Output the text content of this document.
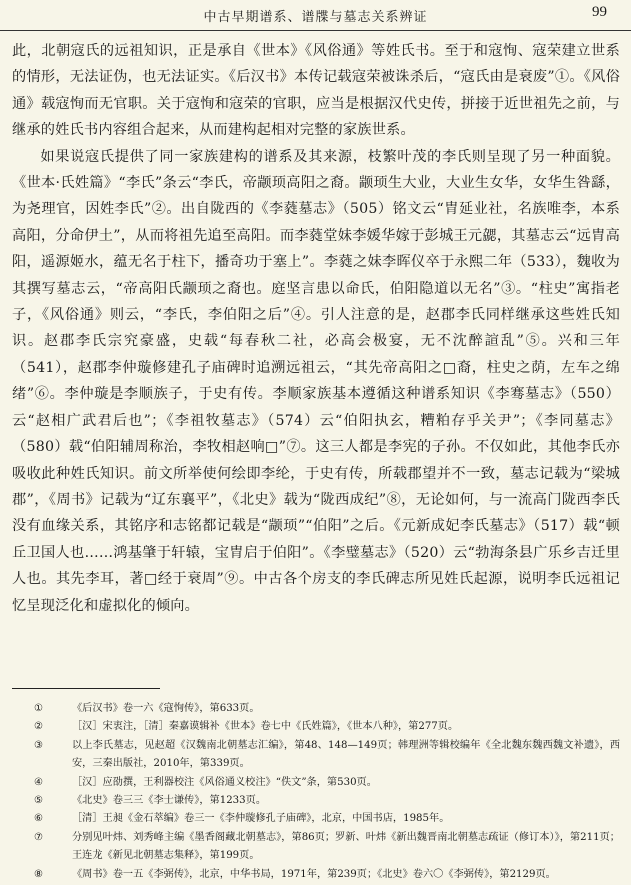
中古早期谱系、谱牒与墓志关系辨证	99

此，北朝寇氏的远祖知识，正是承自《世本》《风俗通》等姓氏书。至于和寇恂、寇荣建立世系的情形，无法证伪，也无法证实。《后汉书》本传记载寇荣被诛杀后，“寇氏由是衰废”①。《风俗通》载寇恂而无官职。关于寇恂和寇荣的官职，应当是根据汉代史传，拼接于近世祖先之前，与继承的姓氏书内容组合起来，从而建构起相对完整的家族世系。

如果说寇氏提供了同一家族建构的谱系及其来源，枝繁叶茂的李氏则呈现了另一种面貌。《世本·氏姓篇》“李氏”条云“李氏，帝颛顼高阳之裔。颛顼生大业，大业生女华，女华生咎繇，为尧理官，因姓李氏”②。出自陇西的《李蕤墓志》（505）铭文云“胄延业社，名族唯李，本系高阳，分命伊土”，从而将祖先追至高阳。而李蕤堂妹李媛华嫁于彭城王元勰，其墓志云“远胄高阳，遥源姬水，蕴无名于柱下，播奇功于塞上”。李蕤之妹李晖仪卒于永熙二年（533），魏收为其撰写墓志云，“帝高阳氏颛顼之裔也。庭坚言患以命氏，伯阳隐道以无名”③。“柱史”寓指老子，《风俗通》则云，“李氏，李伯阳之后”④。引人注意的是，赵郡李氏同样继承这些姓氏知识。赵郡李氏宗究豪盛，史载“每春秋二社，必高会极宴，无不沈醉諠乱”⑤。兴和三年（541），赵郡李仲璇修建孔子庙碑时追溯远祖云，“其先帝高阳之□裔，柱史之荫，左车之绵绪”⑥。李仲璇是李顺族子，于史有传。李顺家族基本遵循这种谱系知识《李骞墓志》（550）云“赵相广武君后也”；《李祖牧墓志》（574）云“伯阳执玄，糟粕存乎关尹”；《李同墓志》（580）载“伯阳辅周称治，李牧相赵响□”⑦。这三人都是李宪的子孙。不仅如此，其他李氏亦吸收此种姓氏知识。前文所举使何绘即李纶，于史有传，所载郡望并不一致，墓志记载为“梁城郡”，《周书》记载为“辽东襄平”，《北史》载为“陇西成纪”⑧，无论如何，与一流高门陇西李氏没有血缘关系，其铭序和志铭都记载是“颛顼”“伯阳”之后。《元新成妃李氏墓志》（517）载“顿丘卫国人也……鸿基肇于轩辕，宝胄启于伯阳”。《李璧墓志》（520）云“勃海条县广乐乡吉迁里人也。其先李耳，著□经于衰周”⑨。中古各个房支的李氏碑志所见姓氏起源，说明李氏远祖记忆呈现泛化和虚拟化的倾向。

①	《后汉书》卷一六《寇恂传》，第633页。
②	［汉］宋衷注，［清］秦嘉谟辑补《世本》卷七中《氏姓篇》，《世本八种》，第277页。
③	以上李氏墓志，见赵超《汉魏南北朝墓志汇编》，第48、148—149页；韩理洲等辑校编年《全北魏东魏西魏文补遗》，西安，三秦出版社，2010年，第339页。
④	［汉］应劭撰，王利器校注《风俗通义校注》“佚文”条，第530页。
⑤	《北史》卷三三《李士谦传》，第1233页。
⑥	［清］王昶《金石萃编》卷三一《李仲璇修孔子庙碑》，北京，中国书店，1985年。
⑦	分别见叶炜、刘秀峰主编《墨香阁藏北朝墓志》，第86页；罗新、叶炜《新出魏晋南北朝墓志疏证（修订本）》，第211页；王连龙《新见北朝墓志集释》，第199页。
⑧	《周书》卷一五《李弼传》，北京，中华书局，1971年，第239页；《北史》卷六〇《李弼传》，第2129页。
